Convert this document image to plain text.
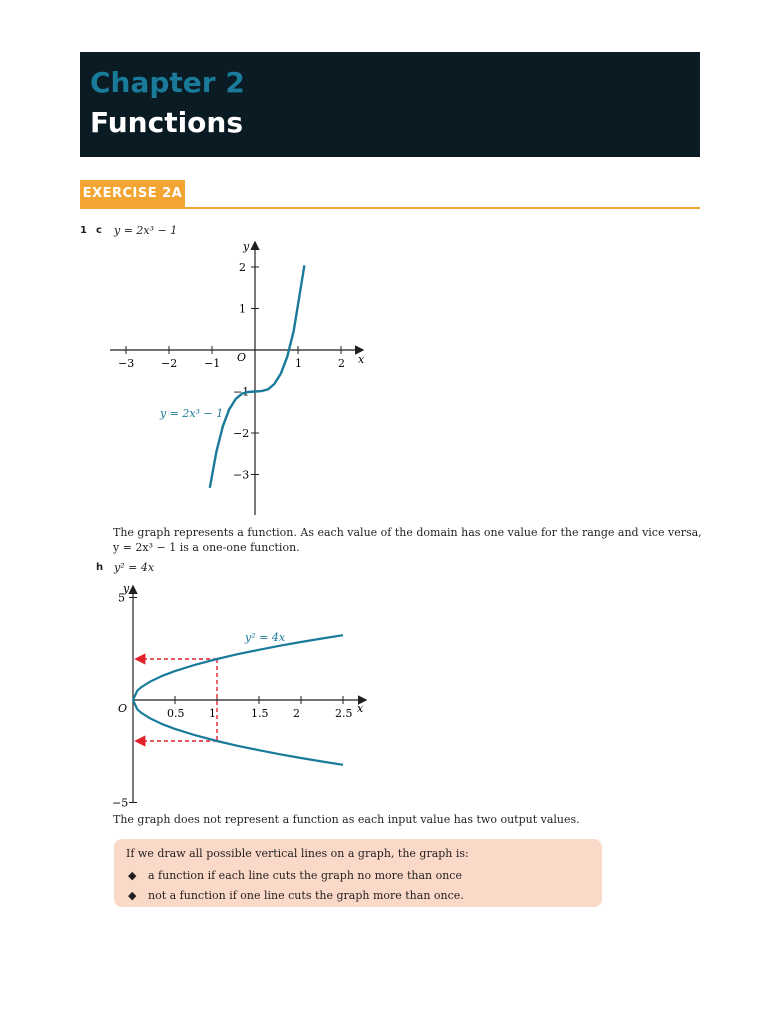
Chapter 2
Functions
EXERCISE 2A
1 c y = 2x³ − 1
−3 −2 −1	1	2
2
1
−1
−2
−3
x
y
O
y = 2x³ − 1
The graph represents a function. As each value of the domain has one value for the range and vice versa,
y = 2x³ − 1 is a one-one function.
h y² = 4x
0.5 1	1.5 2	2.5
5
−5
x
y
O
y² = 4x
The graph does not represent a function as each input value has two output values.
If we draw all possible vertical lines on a graph, the graph is:
◆ a function if each line cuts the graph no more than once
◆ not a function if one line cuts the graph more than once.
